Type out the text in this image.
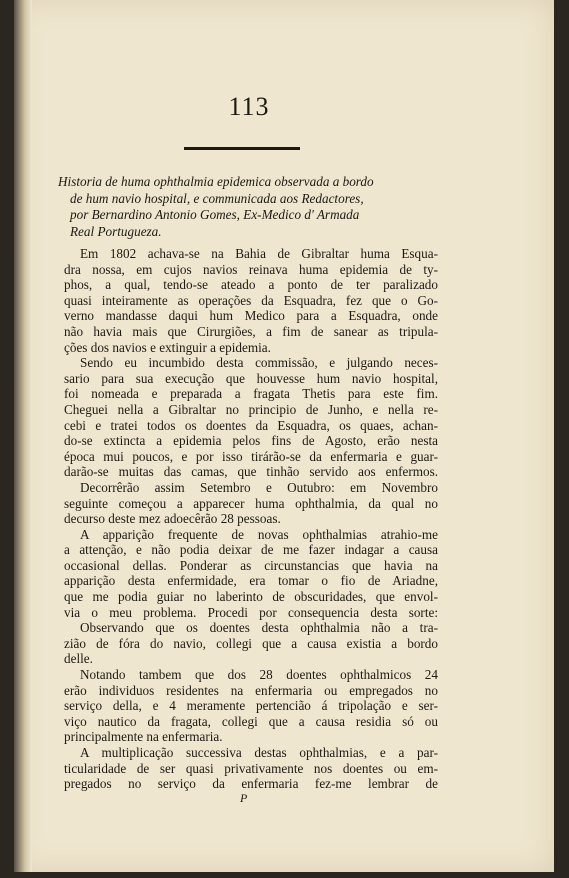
113
Historia de huma ophthalmia epidemica observada a bordo
de hum navio hospital, e communicada aos Redactores,
por Bernardino Antonio Gomes, Ex-Medico d' Armada
Real Portugueza.
Em 1802 achava-se na Bahia de Gibraltar huma Esqua-
dra nossa, em cujos navios reinava huma epidemia de ty-
phos, a qual, tendo-se ateado a ponto de ter paralizado
quasi inteiramente as operações da Esquadra, fez que o Go-
verno mandasse daqui hum Medico para a Esquadra, onde
não havia mais que Cirurgiões, a fim de sanear as tripula-
ções dos navios e extinguir a epidemia.
Sendo eu incumbido desta commissão, e julgando neces-
sario para sua execução que houvesse hum navio hospital,
foi nomeada e preparada a fragata Thetis para este fim.
Cheguei nella a Gibraltar no principio de Junho, e nella re-
cebi e tratei todos os doentes da Esquadra, os quaes, achan-
do-se extincta a epidemia pelos fins de Agosto, erão nesta
época mui poucos, e por isso tirárão-se da enfermaria e guar-
darão-se muitas das camas, que tinhão servido aos enfermos.
Decorrêrão assim Setembro e Outubro: em Novembro
seguinte começou a apparecer huma ophthalmia, da qual no
decurso deste mez adoecêrão 28 pessoas.
A apparição frequente de novas ophthalmias atrahio-me
a attenção, e não podia deixar de me fazer indagar a causa
occasional dellas. Ponderar as circunstancias que havia na
apparição desta enfermidade, era tomar o fio de Ariadne,
que me podia guiar no laberinto de obscuridades, que envol-
via o meu problema. Procedi por consequencia desta sorte:
Observando que os doentes desta ophthalmia não a tra-
zião de fóra do navio, collegi que a causa existia a bordo
delle.
Notando tambem que dos 28 doentes ophthalmicos 24
erão individuos residentes na enfermaria ou empregados no
serviço della, e 4 meramente pertencião á tripolação e ser-
viço nautico da fragata, collegi que a causa residia só ou
principalmente na enfermaria.
A multiplicação successiva destas ophthalmias, e a par-
ticularidade de ser quasi privativamente nos doentes ou em-
pregados no serviço da enfermaria fez-me lembrar de
P
